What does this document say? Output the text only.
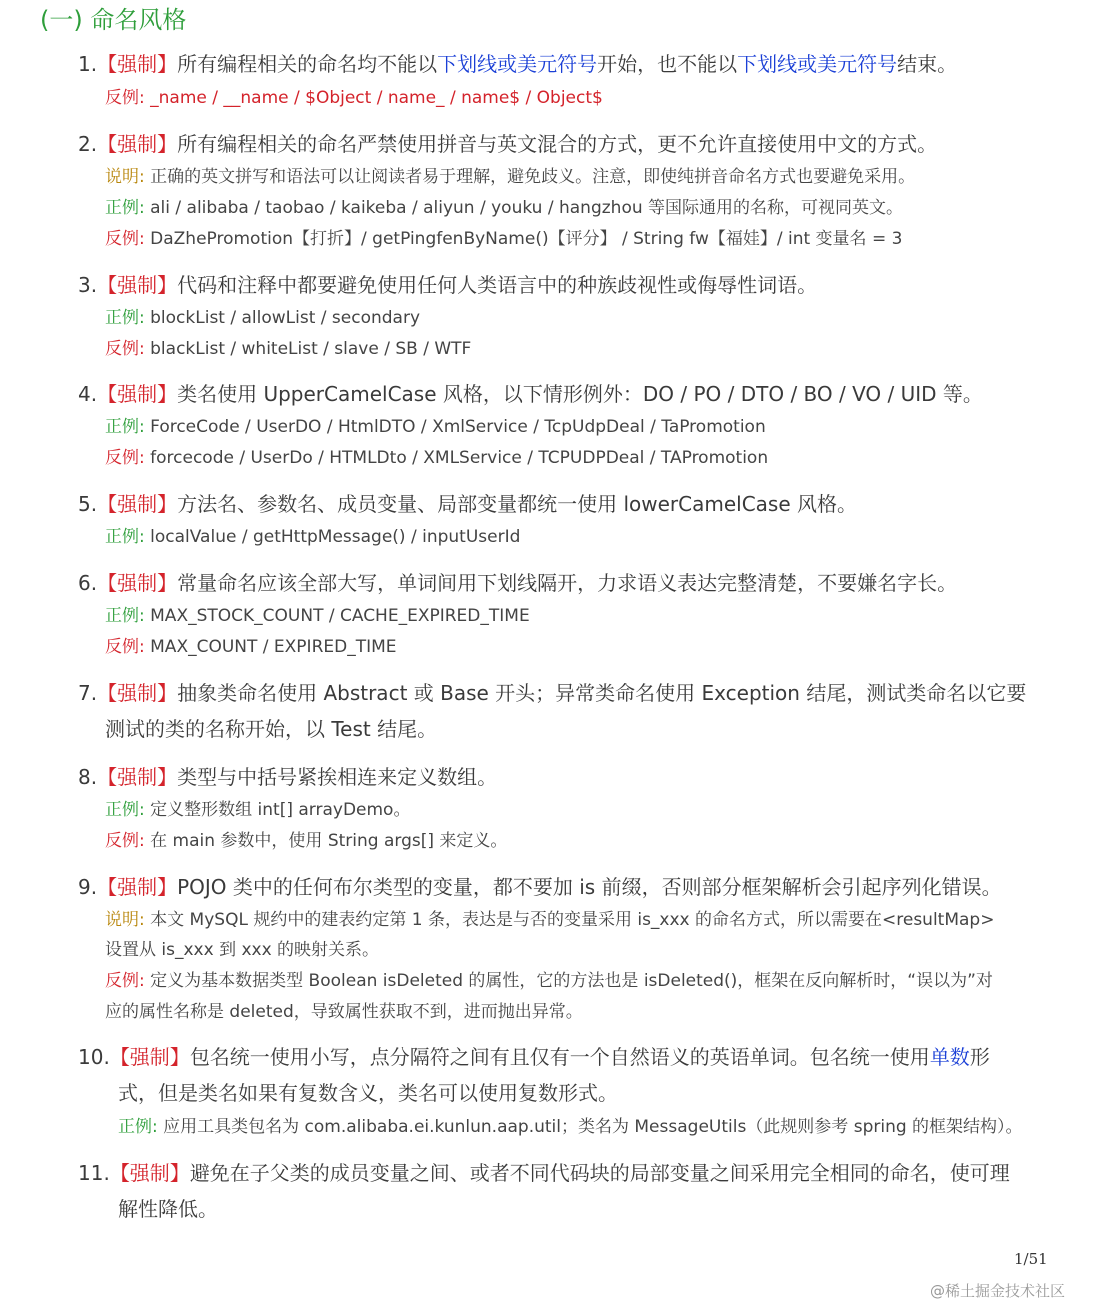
(一) 命名风格
1.【强制】所有编程相关的命名均不能以下划线或美元符号开始，也不能以下划线或美元符号结束。
反例: _name / __name / $Object / name_ / name$ / Object$
2.【强制】所有编程相关的命名严禁使用拼音与英文混合的方式，更不允许直接使用中文的方式。
说明: 正确的英文拼写和语法可以让阅读者易于理解，避免歧义。注意，即使纯拼音命名方式也要避免采用。
正例: ali / alibaba / taobao / kaikeba / aliyun / youku / hangzhou 等国际通用的名称，可视同英文。
反例: DaZhePromotion【打折】/ getPingfenByName()【评分】 / String fw【福娃】/ int 变量名 = 3
3.【强制】代码和注释中都要避免使用任何人类语言中的种族歧视性或侮辱性词语。
正例: blockList / allowList / secondary
反例: blackList / whiteList / slave / SB / WTF
4.【强制】类名使用 UpperCamelCase 风格，以下情形例外：DO / PO / DTO / BO / VO / UID 等。
正例: ForceCode / UserDO / HtmlDTO / XmlService / TcpUdpDeal / TaPromotion
反例: forcecode / UserDo / HTMLDto / XMLService / TCPUDPDeal / TAPromotion
5.【强制】方法名、参数名、成员变量、局部变量都统一使用 lowerCamelCase 风格。
正例: localValue / getHttpMessage() / inputUserId
6.【强制】常量命名应该全部大写，单词间用下划线隔开，力求语义表达完整清楚，不要嫌名字长。
正例: MAX_STOCK_COUNT / CACHE_EXPIRED_TIME
反例: MAX_COUNT / EXPIRED_TIME
7.【强制】抽象类命名使用 Abstract 或 Base 开头；异常类命名使用 Exception 结尾，测试类命名以它要
测试的类的名称开始，以 Test 结尾。
8.【强制】类型与中括号紧挨相连来定义数组。
正例: 定义整形数组 int[] arrayDemo。
反例: 在 main 参数中，使用 String args[] 来定义。
9.【强制】POJO 类中的任何布尔类型的变量，都不要加 is 前缀，否则部分框架解析会引起序列化错误。
说明: 本文 MySQL 规约中的建表约定第 1 条，表达是与否的变量采用 is_xxx 的命名方式，所以需要在<resultMap>
设置从 is_xxx 到 xxx 的映射关系。
反例: 定义为基本数据类型 Boolean isDeleted 的属性，它的方法也是 isDeleted()，框架在反向解析时，“误以为”对
应的属性名称是 deleted，导致属性获取不到，进而抛出异常。
10.【强制】包名统一使用小写，点分隔符之间有且仅有一个自然语义的英语单词。包名统一使用单数形
式，但是类名如果有复数含义，类名可以使用复数形式。
正例: 应用工具类包名为 com.alibaba.ei.kunlun.aap.util；类名为 MessageUtils（此规则参考 spring 的框架结构）。
11.【强制】避免在子父类的成员变量之间、或者不同代码块的局部变量之间采用完全相同的命名，使可理
解性降低。
1/51
@稀土掘金技术社区
